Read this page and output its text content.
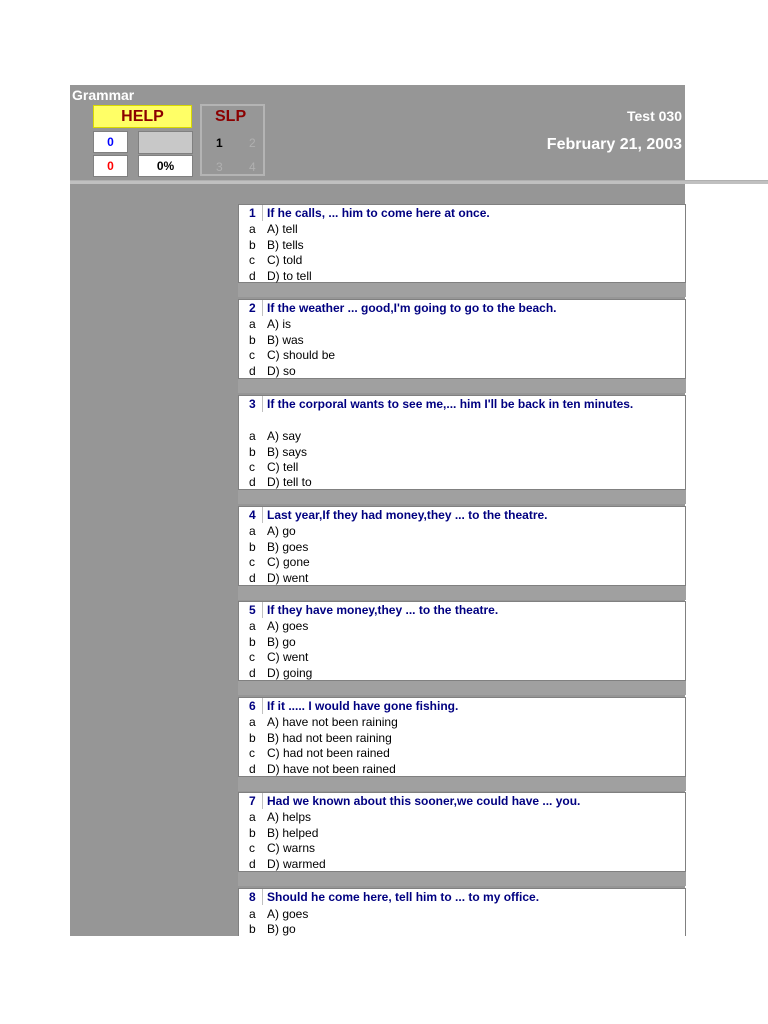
Grammar
HELP
0
0	0%
SLP
1 2
3 4
Test 030
February 21, 2003
1 If he calls, ... him to come here at once.
a A) tell
b B) tells
c C) told
d D) to tell
2 If the weather ... good,I'm going to go to the beach.
a A) is
b B) was
c C) should be
d D) so
3 If the corporal wants to see me,... him I'll be back in ten minutes.
a A) say
b B) says
c C) tell
d D) tell to
4 Last year,If they had money,they ... to the theatre.
a A) go
b B) goes
c C) gone
d D) went
5 If they have money,they ... to the theatre.
a A) goes
b B) go
c C) went
d D) going
6 If it ..... I would have gone fishing.
a A) have not been raining
b B) had not been raining
c C) had not been rained
d D) have not been rained
7 Had we known about this sooner,we could have ... you.
a A) helps
b B) helped
c C) warns
d D) warmed
8 Should he come here, tell him to ... to my office.
a A) goes
b B) go
